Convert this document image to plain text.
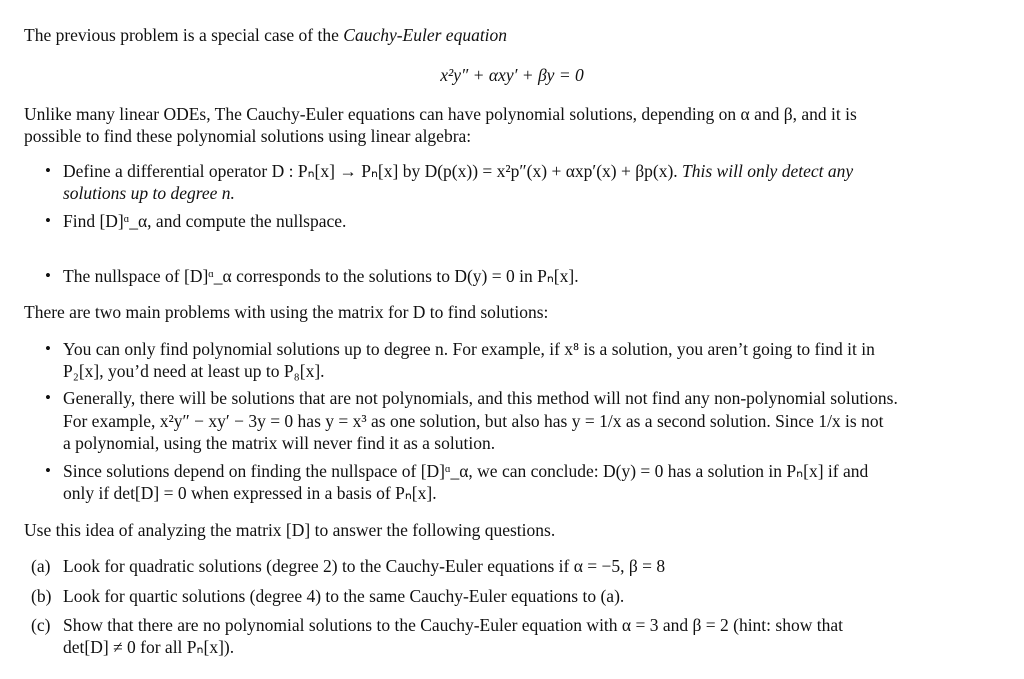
The previous problem is a special case of the Cauchy-Euler equation
x²y″ + αxy′ + βy = 0
Unlike many linear ODEs, The Cauchy-Euler equations can have polynomial solutions, depending on α and β, and it is
possible to find these polynomial solutions using linear algebra:
• Define a differential operator D : Pₙ[x] → Pₙ[x] by D(p(x)) = x²p″(x) + αxp′(x) + βp(x). This will only detect any
solutions up to degree n.
• Find [D]ᵅ_α, and compute the nullspace.
• The nullspace of [D]ᵅ_α corresponds to the solutions to D(y) = 0 in Pₙ[x].
There are two main problems with using the matrix for D to find solutions:
• You can only find polynomial solutions up to degree n. For example, if x⁸ is a solution, you aren’t going to find it in
P₂[x], you’d need at least up to P₈[x].
• Generally, there will be solutions that are not polynomials, and this method will not find any non-polynomial solutions.
For example, x²y″ − xy′ − 3y = 0 has y = x³ as one solution, but also has y = 1/x as a second solution. Since 1/x is not
a polynomial, using the matrix will never find it as a solution.
• Since solutions depend on finding the nullspace of [D]ᵅ_α, we can conclude: D(y) = 0 has a solution in Pₙ[x] if and
only if det[D] = 0 when expressed in a basis of Pₙ[x].
Use this idea of analyzing the matrix [D] to answer the following questions.
(a) Look for quadratic solutions (degree 2) to the Cauchy-Euler equations if α = −5, β = 8
(b) Look for quartic solutions (degree 4) to the same Cauchy-Euler equations to (a).
(c) Show that there are no polynomial solutions to the Cauchy-Euler equation with α = 3 and β = 2 (hint: show that
det[D] ≠ 0 for all Pₙ[x]).
